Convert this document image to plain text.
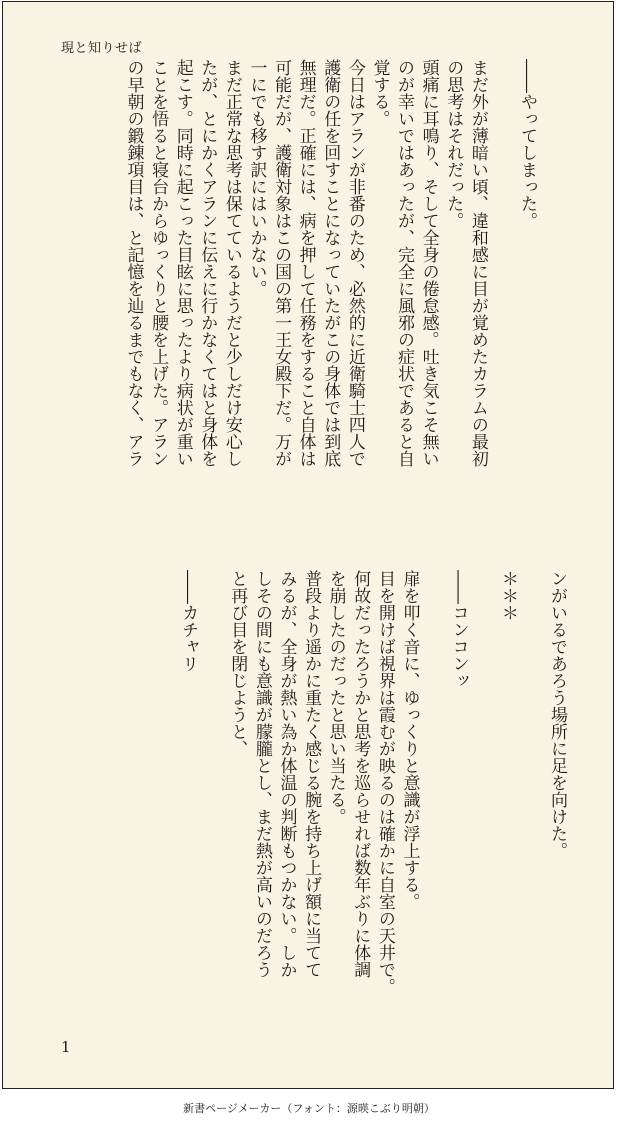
現と知りせば
――やってしまった。

まだ外が薄暗い頃、違和感に目が覚めたカラムの最初
の思考はそれだった。
頭痛に耳鳴り、そして全身の倦怠感。吐き気こそ無い
のが幸いではあったが、完全に風邪の症状であると自
覚する。
今日はアランが非番のため、必然的に近衛騎士四人で
護衛の任を回すことになっていたがこの身体では到底
無理だ。正確には、病を押して任務をすること自体は
可能だが、護衛対象はこの国の第一王女殿下だ。万が
一にでも移す訳にはいかない。
まだ正常な思考は保てているようだと少しだけ安心し
たが、とにかくアランに伝えに行かなくてはと身体を
起こす。同時に起こった目眩に思ったより病状が重い
ことを悟ると寝台からゆっくりと腰を上げた。アラン
の早朝の鍛錬項目は、と記憶を辿るまでもなく、アラ
ンがいるであろう場所に足を向けた。

＊＊＊

――コンコンッ

扉を叩く音に、ゆっくりと意識が浮上する。
目を開けば視界は霞むが映るのは確かに自室の天井で。
何故だったろうかと思考を巡らせれば数年ぶりに体調
を崩したのだったと思い当たる。
普段より遥かに重たく感じる腕を持ち上げ額に当てて
みるが、全身が熱い為か体温の判断もつかない。しか
しその間にも意識が朦朧とし、まだ熱が高いのだろう
と再び目を閉じようと、

――カチャリ
1
新書ページメーカー（フォント：源暎こぶり明朝）
